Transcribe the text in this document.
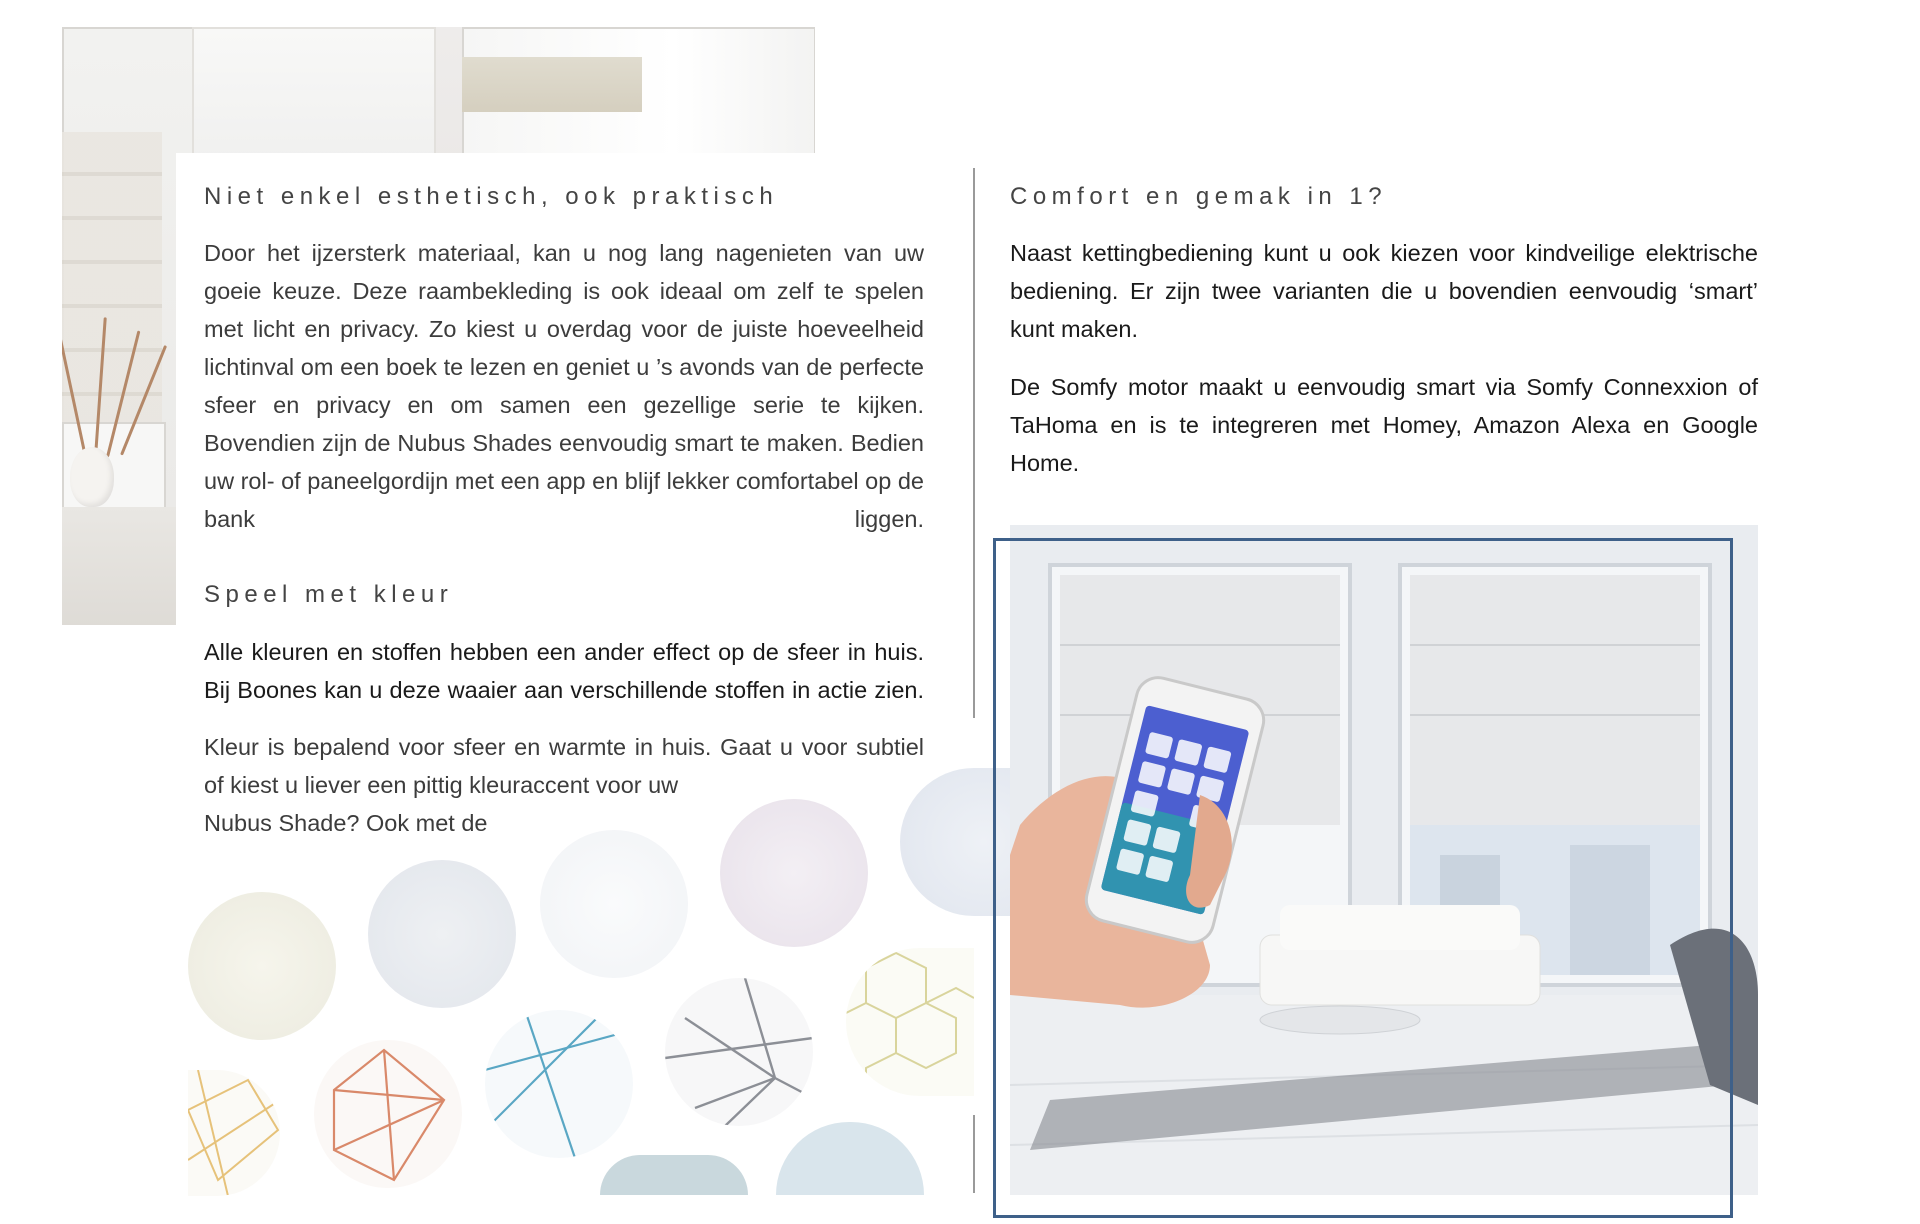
Niet enkel esthetisch, ook praktisch

Door het ijzersterk materiaal, kan u nog lang nagenieten van uw goeie keuze. Deze raambekleding is ook ideaal om zelf te spelen met licht en privacy. Zo kiest u overdag voor de juiste hoeveelheid lichtinval om een boek te lezen en geniet u ’s avonds van de perfecte sfeer en privacy en om samen een gezellige serie te kijken. Bovendien zijn de Nubus Shades eenvoudig smart te maken. Bedien uw rol- of paneelgordijn met een app en blijf lekker comfortabel op de bank liggen.

Speel met kleur

Alle kleuren en stoffen hebben een ander effect op de sfeer in huis. Bij Boones kan u deze waaier aan verschillende stoffen in actie zien.

Kleur is bepalend voor sfeer en warmte in huis. Gaat u voor subtiel
of kiest u liever een pittig kleuraccent voor uw
Nubus Shade? Ook met de
Comfort en gemak in 1?

Naast kettingbediening kunt u ook kiezen voor kindveilige elektrische bediening. Er zijn twee varianten die u bovendien eenvoudig ‘smart’ kunt maken.

De Somfy motor maakt u eenvoudig smart via Somfy Connexxion of TaHoma en is te integreren met Homey, Amazon Alexa en Google Home.
